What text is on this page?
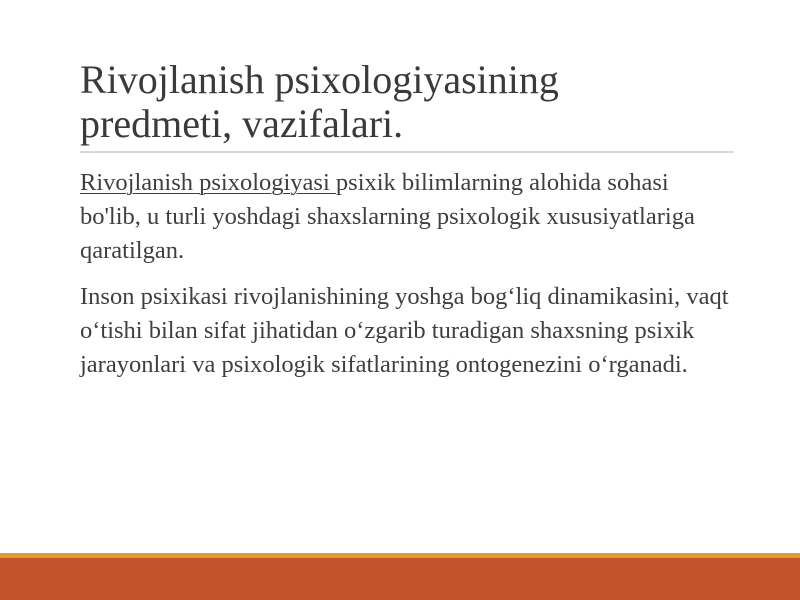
Rivojlanish psixologiyasining
predmeti, vazifalari.

Rivojlanish psixologiyasi psixik bilimlarning alohida sohasi bo'lib, u turli yoshdagi shaxslarning psixologik xususiyatlariga qaratilgan.

Inson psixikasi rivojlanishining yoshga bog‘liq dinamikasini, vaqt o‘tishi bilan sifat jihatidan o‘zgarib turadigan shaxsning psixik jarayonlari va psixologik sifatlarining ontogenezini o‘rganadi.
